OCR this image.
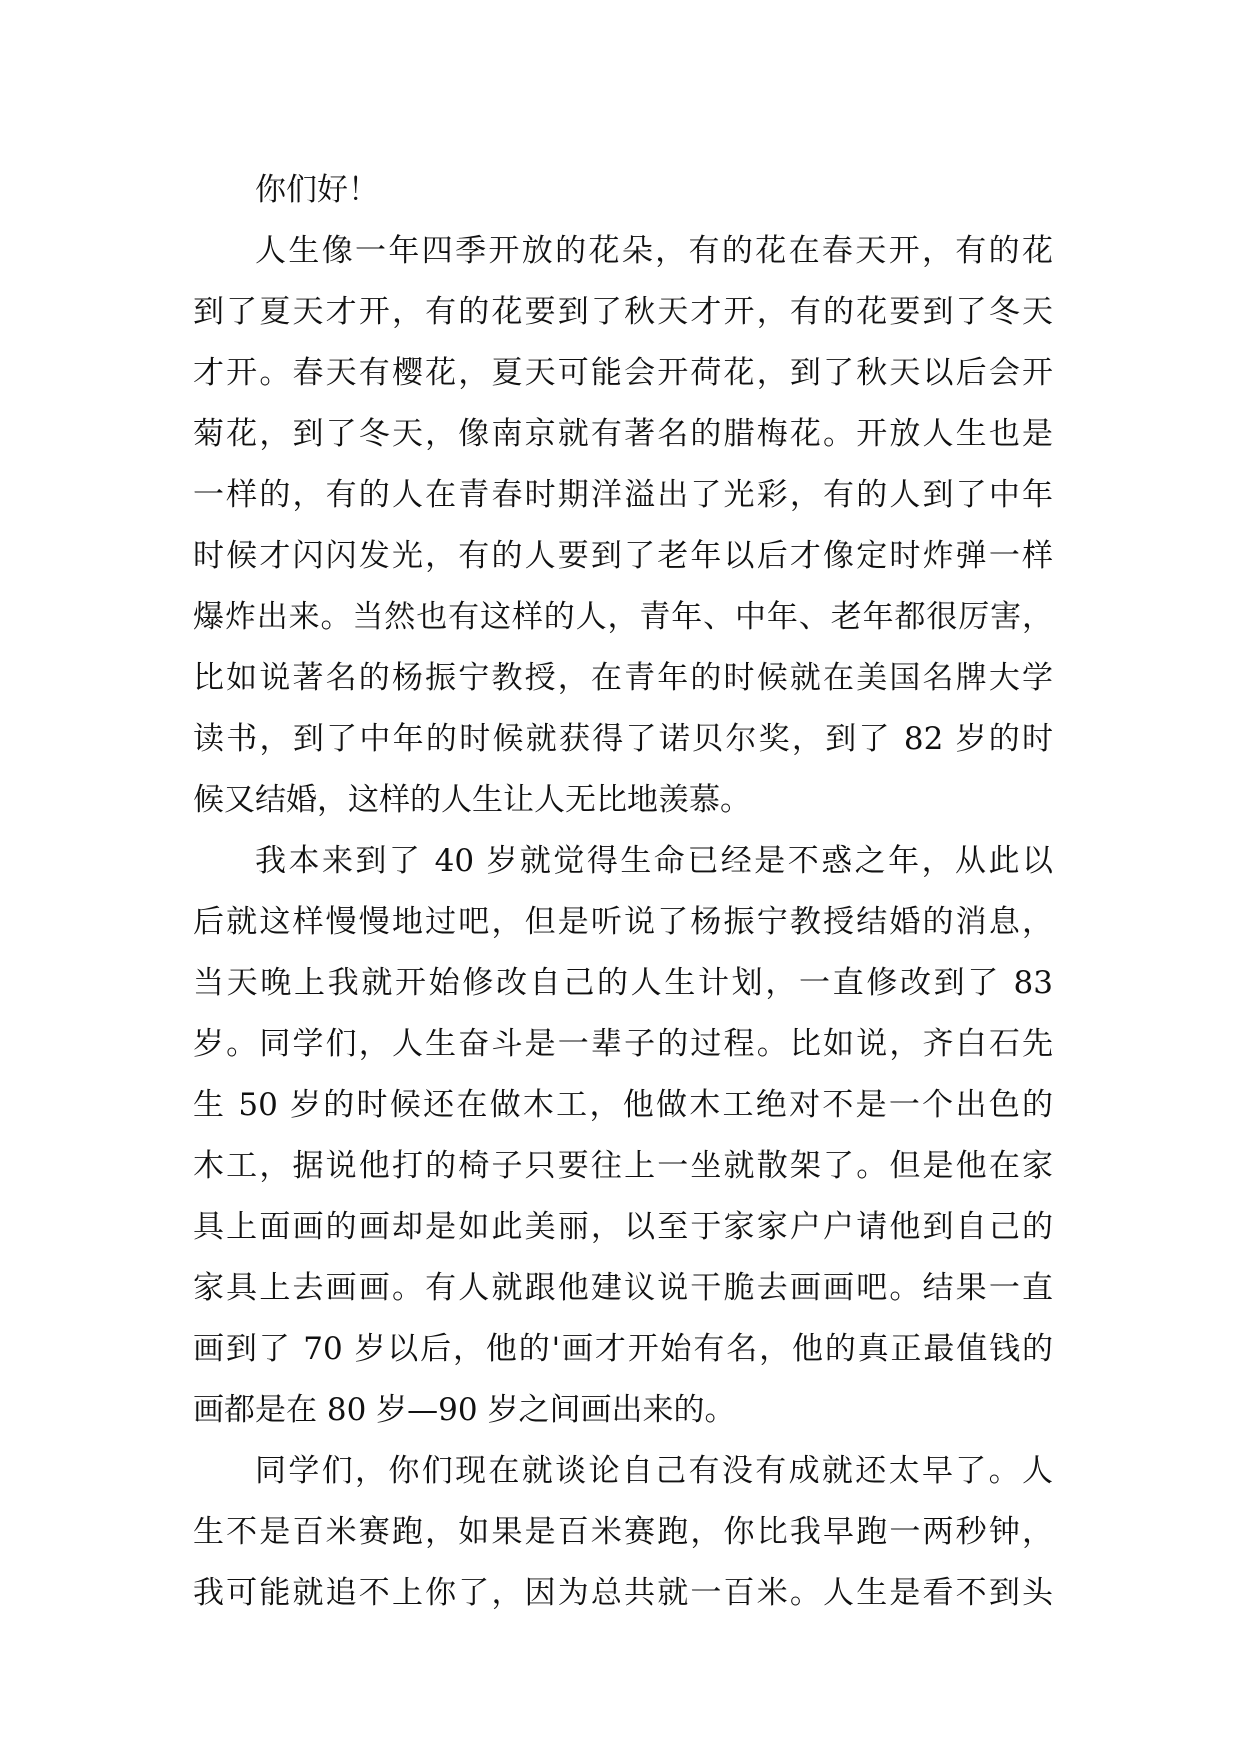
你们好！
人生像一年四季开放的花朵，有的花在春天开，有的花
到了夏天才开，有的花要到了秋天才开，有的花要到了冬天
才开。春天有樱花，夏天可能会开荷花，到了秋天以后会开
菊花，到了冬天，像南京就有著名的腊梅花。开放人生也是
一样的，有的人在青春时期洋溢出了光彩，有的人到了中年
时候才闪闪发光，有的人要到了老年以后才像定时炸弹一样
爆炸出来。当然也有这样的人，青年、中年、老年都很厉害，
比如说著名的杨振宁教授，在青年的时候就在美国名牌大学
读书，到了中年的时候就获得了诺贝尔奖，到了 82 岁的时
候又结婚，这样的人生让人无比地羡慕。
我本来到了 40 岁就觉得生命已经是不惑之年，从此以
后就这样慢慢地过吧，但是听说了杨振宁教授结婚的消息，
当天晚上我就开始修改自己的人生计划，一直修改到了 83
岁。同学们，人生奋斗是一辈子的过程。比如说，齐白石先
生 50 岁的时候还在做木工，他做木工绝对不是一个出色的
木工，据说他打的椅子只要往上一坐就散架了。但是他在家
具上面画的画却是如此美丽，以至于家家户户请他到自己的
家具上去画画。有人就跟他建议说干脆去画画吧。结果一直
画到了 70 岁以后，他的'画才开始有名，他的真正最值钱的
画都是在 80 岁—90 岁之间画出来的。
同学们，你们现在就谈论自己有没有成就还太早了。人
生不是百米赛跑，如果是百米赛跑，你比我早跑一两秒钟，
我可能就追不上你了，因为总共就一百米。人生是看不到头
